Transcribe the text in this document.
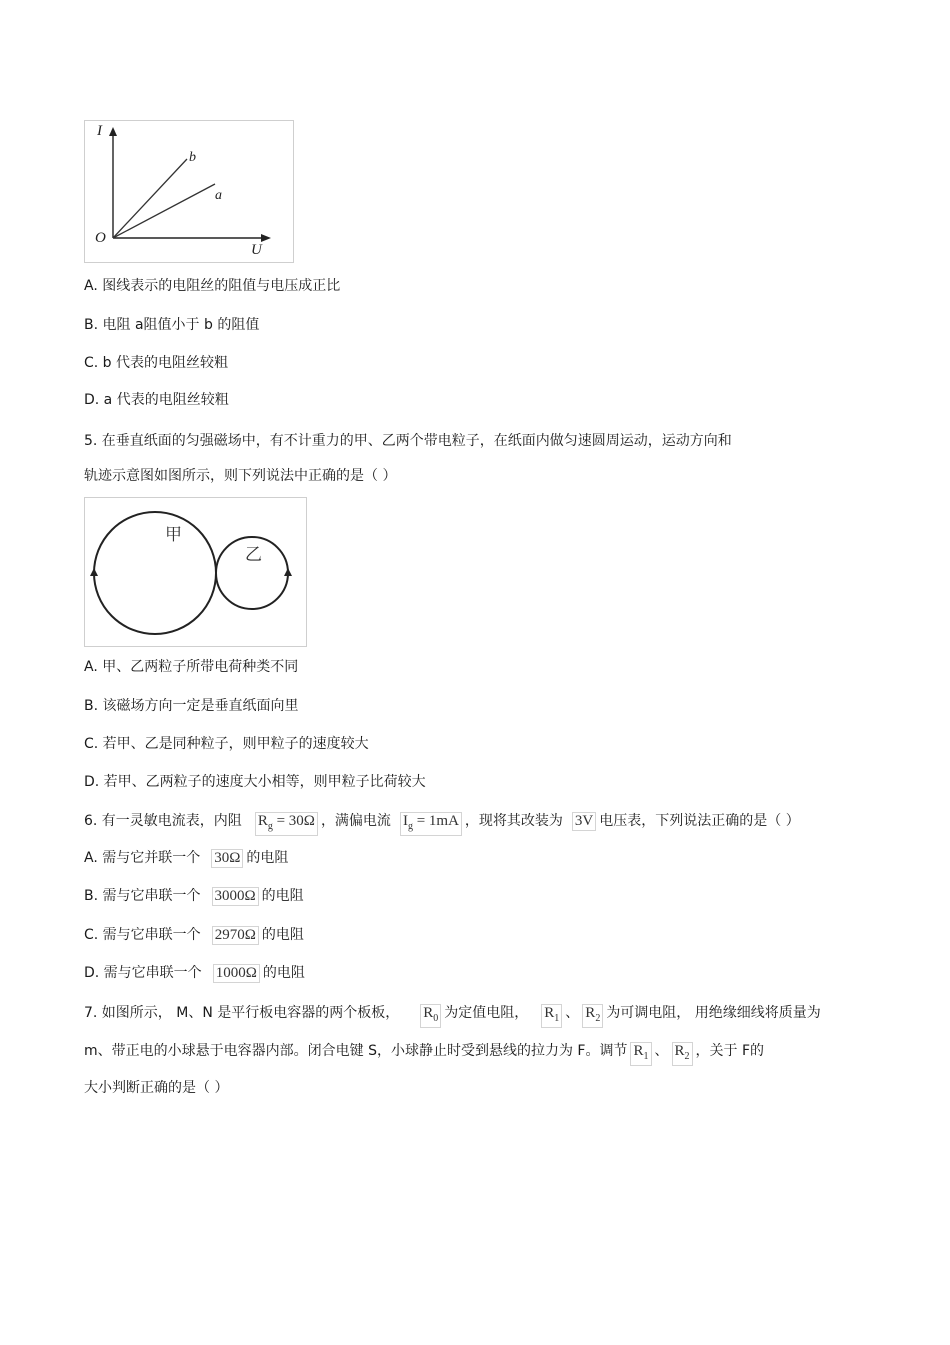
I
U
O
b
a
A. 图线表示的电阻丝的阻值与电压成正比
B. 电阻 a阻值小于 b 的阻值
C. b 代表的电阻丝较粗
D. a 代表的电阻丝较粗
5. 在垂直纸面的匀强磁场中，有不计重力的甲、乙两个带电粒子，在纸面内做匀速圆周运动，运动方向和
轨迹示意图如图所示，则下列说法中正确的是（ ）
甲
乙
A. 甲、乙两粒子所带电荷种类不同
B. 该磁场方向一定是垂直纸面向里
C. 若甲、乙是同种粒子，则甲粒子的速度较大
D. 若甲、乙两粒子的速度大小相等，则甲粒子比荷较大
6. 有一灵敏电流表，内阻 $R_g = 30\Omega$ ，满偏电流 $I_g = 1mA$ ，现将其改装为 3V 电压表，下列说法正确的是（ ）
A. 需与它并联一个 30Ω 的电阻
B. 需与它串联一个 3000Ω 的电阻
C. 需与它串联一个 2970Ω 的电阻
D. 需与它串联一个 1000Ω 的电阻
7. 如图所示， M、N 是平行板电容器的两个板板， $R_0$ 为定值电阻， $R_1$ 、 $R_2$ 为可调电阻， 用绝缘细线将质量为
m、带正电的小球悬于电容器内部。闭合电键 S，小球静止时受到悬线的拉力为 F。调节 $R_1$ 、 $R_2$ ，关于 F的
大小判断正确的是（ ）
